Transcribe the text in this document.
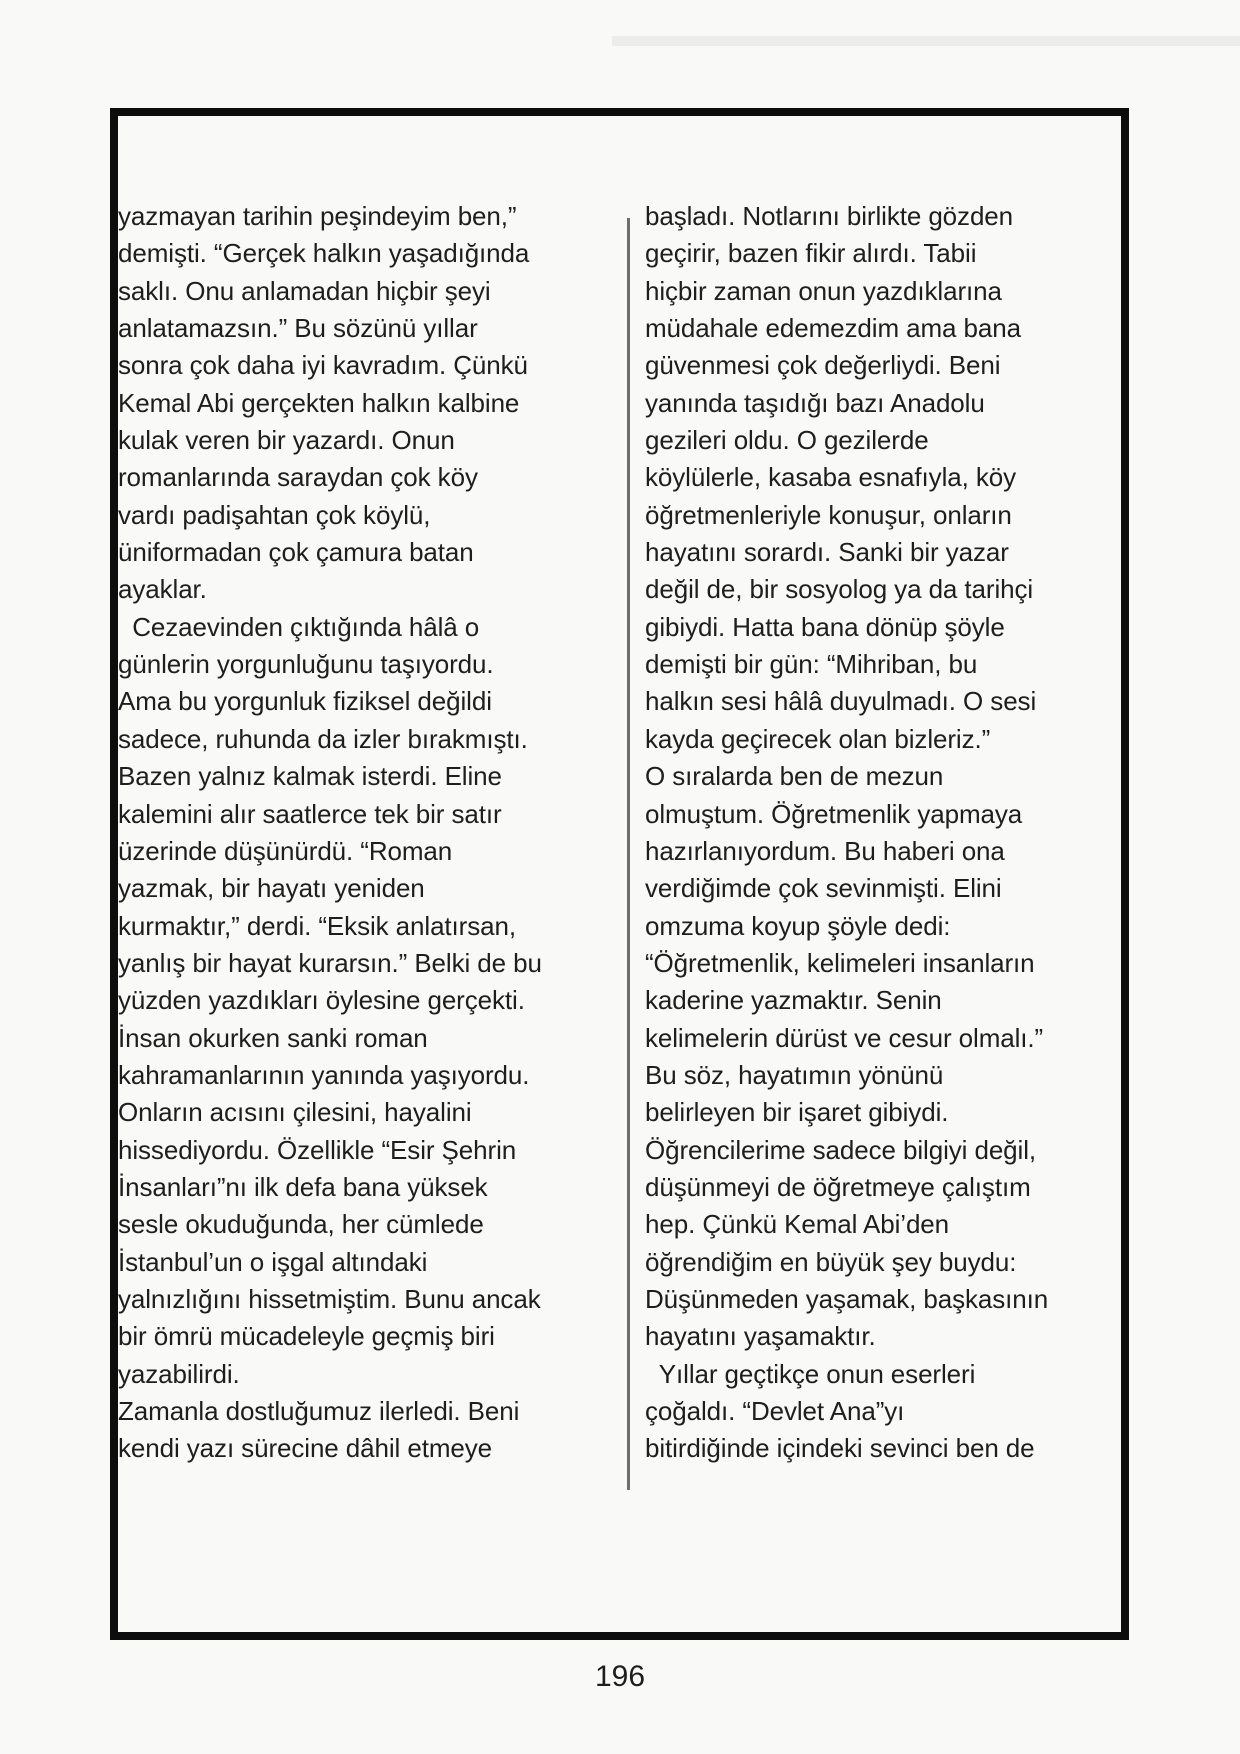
yazmayan tarihin peşindeyim ben,”
demişti. “Gerçek halkın yaşadığında
saklı. Onu anlamadan hiçbir şeyi
anlatamazsın.” Bu sözünü yıllar
sonra çok daha iyi kavradım. Çünkü
Kemal Abi gerçekten halkın kalbine
kulak veren bir yazardı. Onun
romanlarında saraydan çok köy
vardı padişahtan çok köylü,
üniformadan çok çamura batan
ayaklar.
Cezaevinden çıktığında hâlâ o
günlerin yorgunluğunu taşıyordu.
Ama bu yorgunluk fiziksel değildi
sadece, ruhunda da izler bırakmıştı.
Bazen yalnız kalmak isterdi. Eline
kalemini alır saatlerce tek bir satır
üzerinde düşünürdü. “Roman
yazmak, bir hayatı yeniden
kurmaktır,” derdi. “Eksik anlatırsan,
yanlış bir hayat kurarsın.” Belki de bu
yüzden yazdıkları öylesine gerçekti.
İnsan okurken sanki roman
kahramanlarının yanında yaşıyordu.
Onların acısını çilesini, hayalini
hissediyordu. Özellikle “Esir Şehrin
İnsanları”nı ilk defa bana yüksek
sesle okuduğunda, her cümlede
İstanbul’un o işgal altındaki
yalnızlığını hissetmiştim. Bunu ancak
bir ömrü mücadeleyle geçmiş biri
yazabilirdi.
Zamanla dostluğumuz ilerledi. Beni
kendi yazı sürecine dâhil etmeye
başladı. Notlarını birlikte gözden
geçirir, bazen fikir alırdı. Tabii
hiçbir zaman onun yazdıklarına
müdahale edemezdim ama bana
güvenmesi çok değerliydi. Beni
yanında taşıdığı bazı Anadolu
gezileri oldu. O gezilerde
köylülerle, kasaba esnafıyla, köy
öğretmenleriyle konuşur, onların
hayatını sorardı. Sanki bir yazar
değil de, bir sosyolog ya da tarihçi
gibiydi. Hatta bana dönüp şöyle
demişti bir gün: “Mihriban, bu
halkın sesi hâlâ duyulmadı. O sesi
kayda geçirecek olan bizleriz.”
O sıralarda ben de mezun
olmuştum. Öğretmenlik yapmaya
hazırlanıyordum. Bu haberi ona
verdiğimde çok sevinmişti. Elini
omzuma koyup şöyle dedi:
“Öğretmenlik, kelimeleri insanların
kaderine yazmaktır. Senin
kelimelerin dürüst ve cesur olmalı.”
Bu söz, hayatımın yönünü
belirleyen bir işaret gibiydi.
Öğrencilerime sadece bilgiyi değil,
düşünmeyi de öğretmeye çalıştım
hep. Çünkü Kemal Abi’den
öğrendiğim en büyük şey buydu:
Düşünmeden yaşamak, başkasının
hayatını yaşamaktır.
Yıllar geçtikçe onun eserleri
çoğaldı. “Devlet Ana”yı
bitirdiğinde içindeki sevinci ben de
196
